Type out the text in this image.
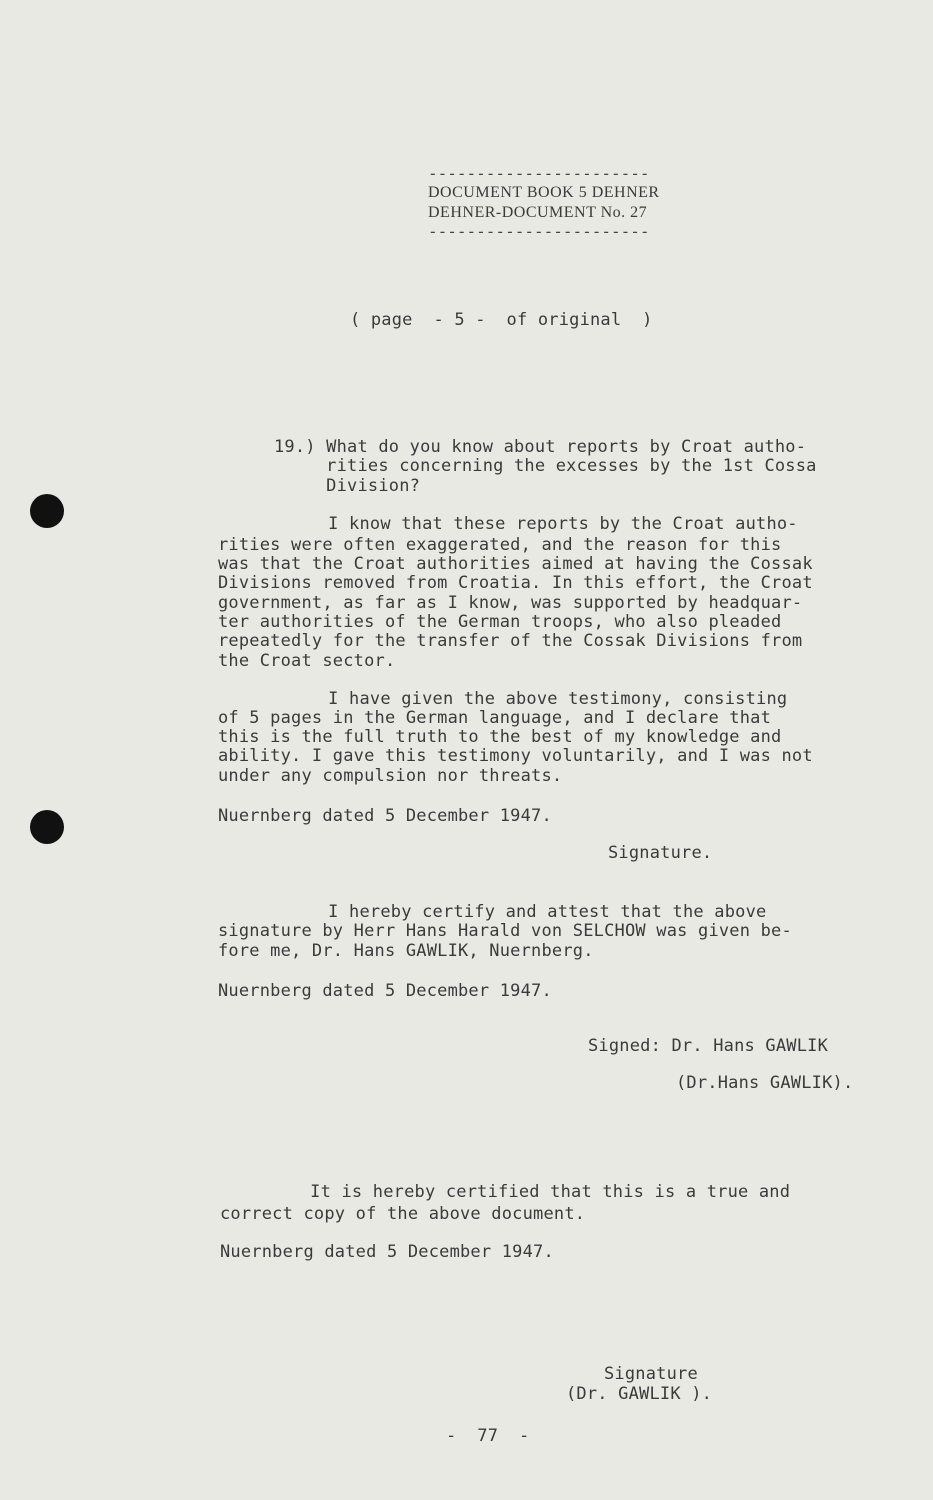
-----------------------
DOCUMENT BOOK 5 DEHNER
DEHNER-DOCUMENT No. 27
-----------------------
( page  - 5 -  of original  )
19.) What do you know about reports by Croat autho-
rities concerning the excesses by the 1st Cossa
Division?
I know that these reports by the Croat autho-
rities were often exaggerated, and the reason for this
was that the Croat authorities aimed at having the Cossak
Divisions removed from Croatia. In this effort, the Croat
government, as far as I know, was supported by headquar-
ter authorities of the German troops, who also pleaded
repeatedly for the transfer of the Cossak Divisions from
the Croat sector.
I have given the above testimony, consisting
of 5 pages in the German language, and I declare that
this is the full truth to the best of my knowledge and
ability. I gave this testimony voluntarily, and I was not
under any compulsion nor threats.
Nuernberg dated 5 December 1947.
Signature.
I hereby certify and attest that the above
signature by Herr Hans Harald von SELCHOW was given be-
fore me, Dr. Hans GAWLIK, Nuernberg.
Nuernberg dated 5 December 1947.
Signed: Dr. Hans GAWLIK
(Dr.Hans GAWLIK).
It is hereby certified that this is a true and
correct copy of the above document.
Nuernberg dated 5 December 1947.
Signature
(Dr. GAWLIK ).
-  77  -
